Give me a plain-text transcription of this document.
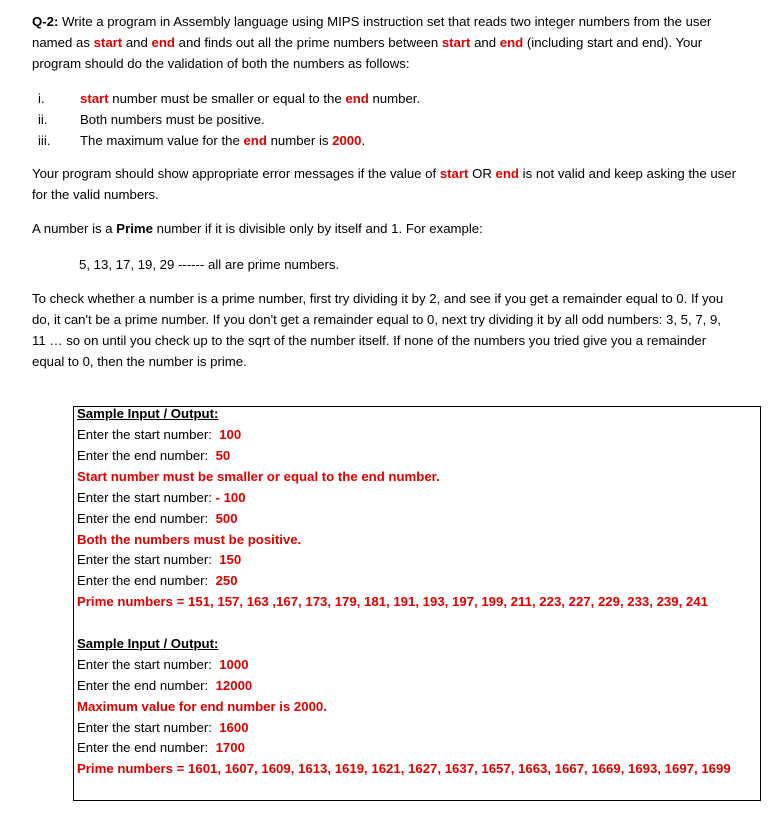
Q-2: Write a program in Assembly language using MIPS instruction set that reads two integer numbers from the user
named as start and end and finds out all the prime numbers between start and end (including start and end). Your
program should do the validation of both the numbers as follows:
i.	start number must be smaller or equal to the end number.
ii. Both numbers must be positive.
iii. The maximum value for the end number is 2000.
Your program should show appropriate error messages if the value of start OR end is not valid and keep asking the user
for the valid numbers.
A number is a Prime number if it is divisible only by itself and 1. For example:
5, 13, 17, 19, 29 ------ all are prime numbers.
To check whether a number is a prime number, first try dividing it by 2, and see if you get a remainder equal to 0. If you
do, it can't be a prime number. If you don't get a remainder equal to 0, next try dividing it by all odd numbers: 3, 5, 7, 9,
11 … so on until you check up to the sqrt of the number itself. If none of the numbers you tried give you a remainder
equal to 0, then the number is prime.
Sample Input / Output:
Enter the start number: 100
Enter the end number: 50
Start number must be smaller or equal to the end number.
Enter the start number: - 100
Enter the end number: 500
Both the numbers must be positive.
Enter the start number: 150
Enter the end number: 250
Prime numbers = 151, 157, 163 ,167, 173, 179, 181, 191, 193, 197, 199, 211, 223, 227, 229, 233, 239, 241
Sample Input / Output:
Enter the start number: 1000
Enter the end number: 12000
Maximum value for end number is 2000.
Enter the start number: 1600
Enter the end number: 1700
Prime numbers = 1601, 1607, 1609, 1613, 1619, 1621, 1627, 1637, 1657, 1663, 1667, 1669, 1693, 1697, 1699
